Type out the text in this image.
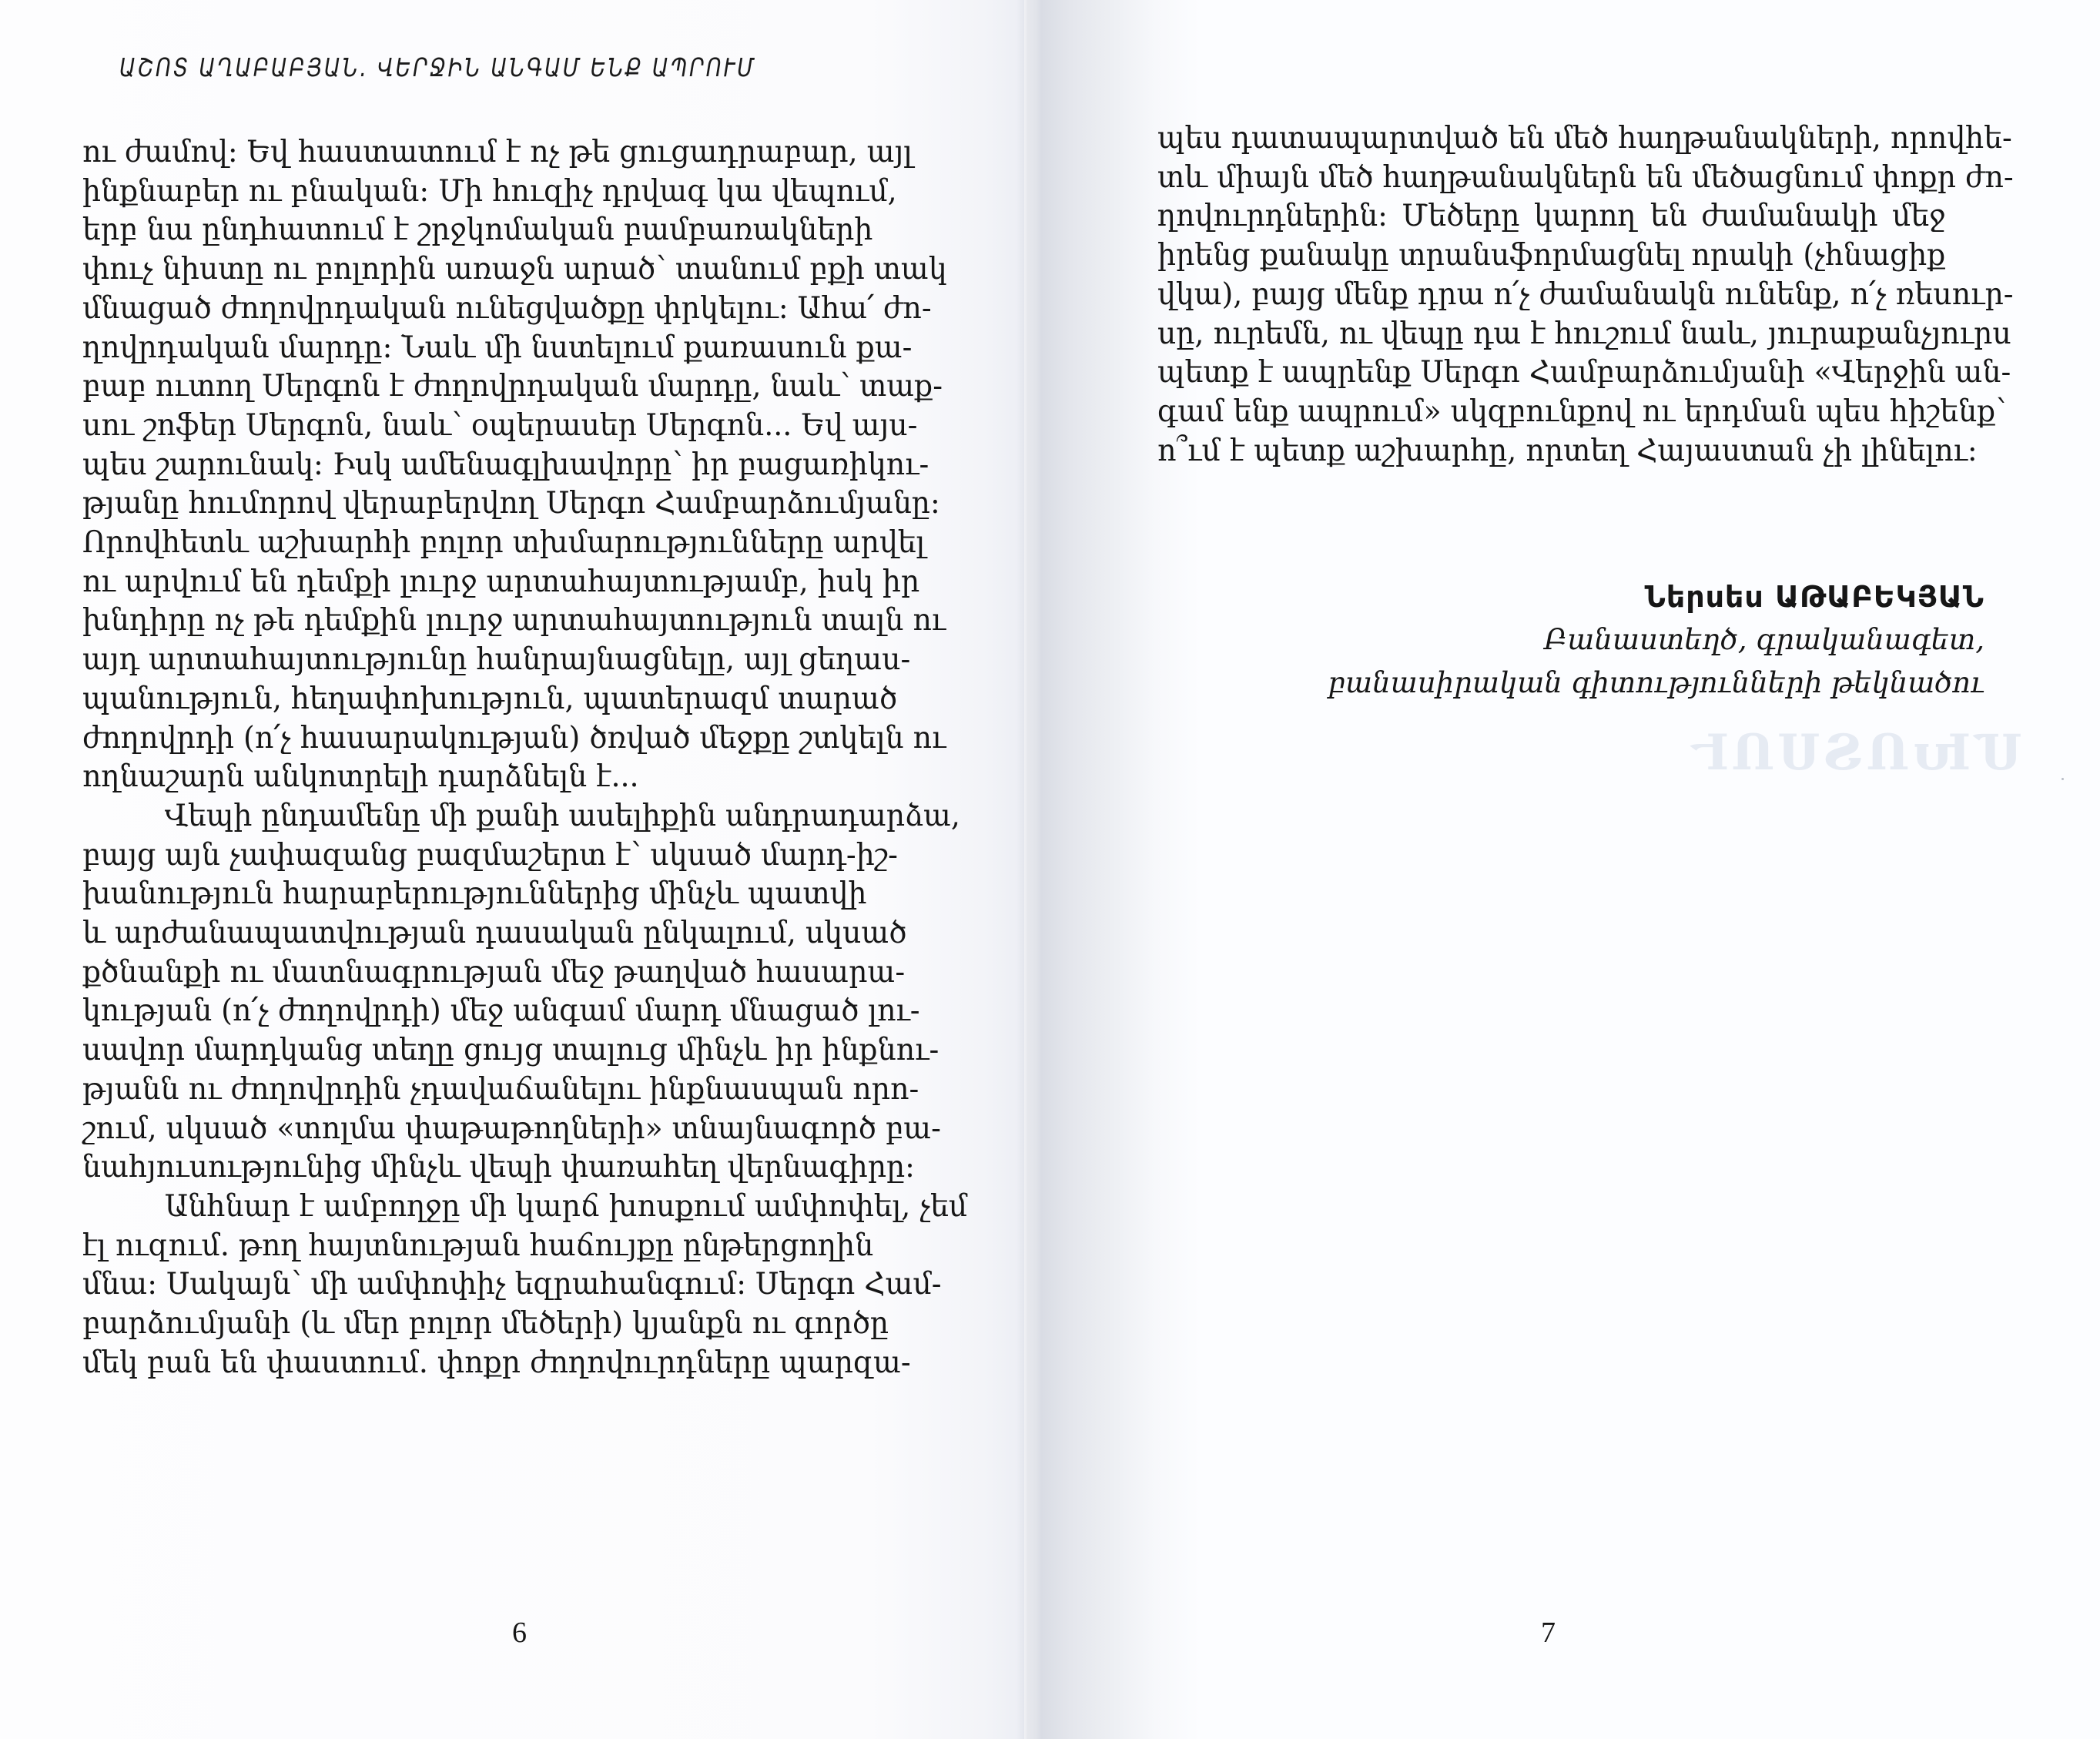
ԱՇՈՏ ԱՂԱԲԱԲՅԱՆ. ՎԵՐՋԻՆ ԱՆԳԱՄ ԵՆՔ ԱՊՐՈՒՄ
ու ժամով: Եվ հաստատում է ոչ թե ցուցադրաբար, այլ
ինքնաբեր ու բնական: Մի հուզիչ դրվագ կա վեպում,
երբ նա ընդհատում է շրջկոմական բամբառակների
փուչ նիստը ու բոլորին առաջն արած՝ տանում բքի տակ
մնացած ժողովրդական ունեցվածքը փրկելու: Ահա՛ ժո-
ղովրդական մարդը: Նաև մի նստելում քառասուն քա-
բաբ ուտող Սերգոն է ժողովրդական մարդը, նաև՝ տաք-
սու շոֆեր Սերգոն, նաև՝ օպերասեր Սերգոն... Եվ այս-
պես շարունակ: Իսկ ամենագլխավորը՝ իր բացառիկու-
թյանը հումորով վերաբերվող Սերգո Համբարձումյանը:
Որովհետև աշխարհի բոլոր տխմարությունները արվել
ու արվում են դեմքի լուրջ արտահայտությամբ, իսկ իր
խնդիրը ոչ թե դեմքին լուրջ արտահայտություն տալն ու
այդ արտահայտությունը հանրայնացնելը, այլ ցեղաս-
պանություն, հեղափոխություն, պատերազմ տարած
ժողովրդի (ո՛չ հասարակության) ծռված մեջքը շտկելն ու
ողնաշարն անկոտրելի դարձնելն է...
Վեպի ընդամենը մի քանի ասելիքին անդրադարձա,
բայց այն չափազանց բազմաշերտ է՝ սկսած մարդ-իշ-
խանություն հարաբերություններից մինչև պատվի
և արժանապատվության դասական ընկալում, սկսած
քծնանքի ու մատնագրության մեջ թաղված հասարա-
կության (ո՛չ ժողովրդի) մեջ անգամ մարդ մնացած լու-
սավոր մարդկանց տեղը ցույց տալուց մինչև իր ինքնու-
թյանն ու ժողովրդին չդավաճանելու ինքնասպան որո-
շում, սկսած «տոլմա փաթաթողների» տնայնագործ բա-
նահյուսությունից մինչև վեպի փառահեղ վերնագիրը:
Անհնար է ամբողջը մի կարճ խոսքում ամփոփել, չեմ
էլ ուզում. թող հայտնության հաճույքը ընթերցողին
մնա: Սակայն՝ մի ամփոփիչ եզրահանգում: Սերգո Համ-
բարձումյանի (և մեր բոլոր մեծերի) կյանքն ու գործը
մեկ բան են փաստում. փոքր ժողովուրդները պարզա-
6
պես դատապարտված են մեծ հաղթանակների, որովհե-
տև միայն մեծ հաղթանակներն են մեծացնում փոքր ժո-
ղովուրդներին: Մեծերը կարող են ժամանակի մեջ
իրենց քանակը տրանսֆորմացնել որակի (չհնացիք
վկա), բայց մենք դրա ո՛չ ժամանակն ունենք, ո՛չ ռեսուր-
սը, ուրեմն, ու վեպը դա է հուշում նաև, յուրաքանչյուրս
պետք է ապրենք Սերգո Համբարձումյանի «Վերջին ան-
գամ ենք ապրում» սկզբունքով ու երդման պես հիշենք՝
ո՞ւմ է պետք աշխարհը, որտեղ Հայաստան չի լինելու:
ՄԽՈՏՍՈՒ
Ներսես ԱԹԱԲԵԿՅԱՆ
Բանաստեղծ, գրականագետ,
բանասիրական գիտությունների թեկնածու
7
